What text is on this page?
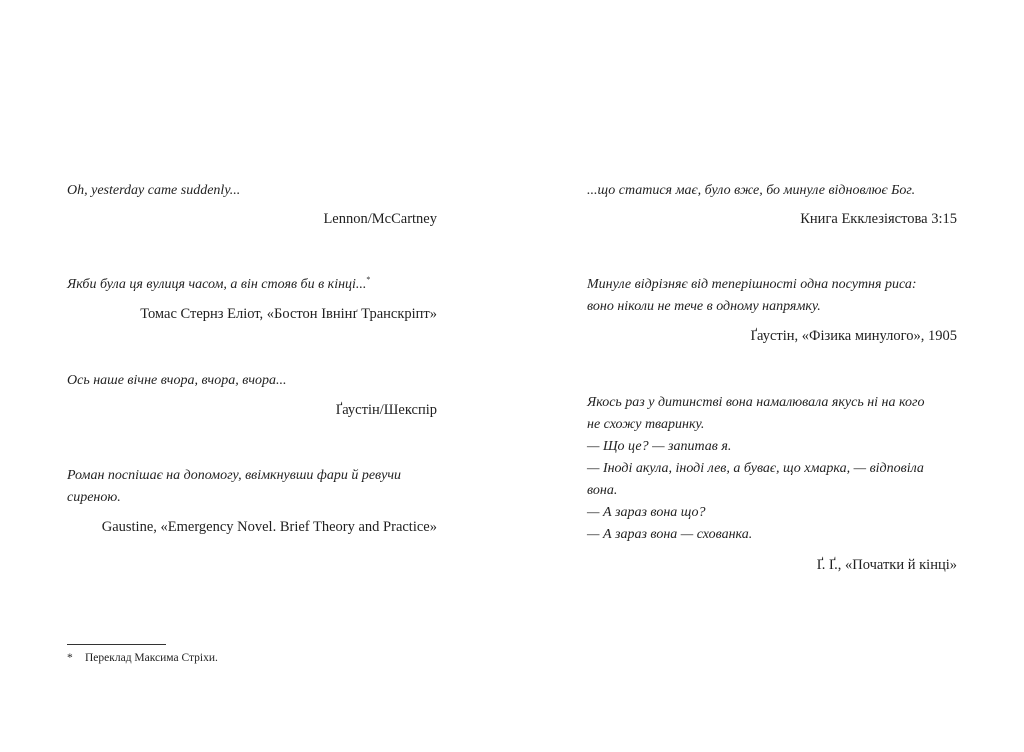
Oh, yesterday came suddenly...
Lennon/McCartney
Якби була ця вулиця часом, а він стояв би в кінці...*
Томас Стернз Еліот, «Бостон Івнінґ Транскріпт»
Ось наше вічне вчора, вчора, вчора...
Ґаустін/Шекспір
Роман поспішає на допомогу, ввімкнувши фари й ревучи
сиреною.
Gaustine, «Emergency Novel. Brief Theory and Practice»
* Переклад Максима Стріхи.
...що статися має, було вже, бо минуле відновлює Бог.
Книга Екклезіястова 3:15
Минуле відрізняє від теперішності одна посутня риса:
воно ніколи не тече в одному напрямку.
Ґаустін, «Фізика минулого», 1905
Якось раз у дитинстві вона намалювала якусь ні на кого
не схожу тваринку.
— Що це? — запитав я.
— Іноді акула, іноді лев, а буває, що хмарка, — відповіла
вона.
— А зараз вона що?
— А зараз вона — схованка.
Ґ. Ґ., «Початки й кінці»
